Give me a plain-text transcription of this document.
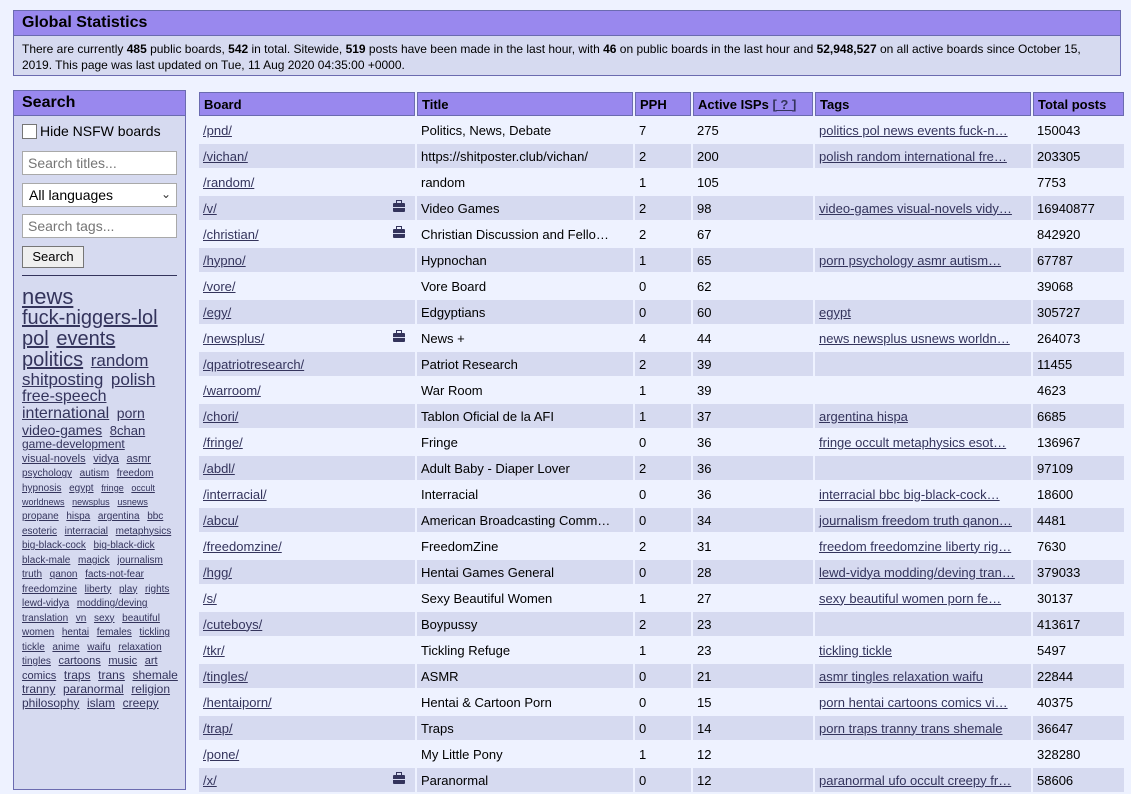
Global Statistics
There are currently 485 public boards, 542 in total. Sitewide, 519 posts have been made in the last hour, with 46 on public boards in the last hour and 52,948,527 on all active boards since October 15, 2019. This page was last updated on Tue, 11 Aug 2020 04:35:00 +0000.
Search
Hide NSFW boards
Search titles...
All languages	⌄
Search tags...
Search
news fuck-niggers-lol pol events politics random shitposting polish free-speech international porn video-games 8chan game-development visual-novels vidya asmr psychology autism freedom hypnosis egypt fringe occult worldnews newsplus usnews propane hispa argentina bbc esoteric interracial metaphysics big-black-cock big-black-dick black-male magick journalism truth qanon facts-not-fear freedomzine liberty play rights lewd-vidya modding/deving translation vn sexy beautiful women hentai females tickling tickle anime waifu relaxation tingles cartoons music art comics traps trans shemale tranny paranormal religion philosophy islam creepy
Board	Title	PPH	Active ISPs [ ? ]	Tags	Total posts
/pnd/	Politics, News, Debate	7	275	politics pol news events fuck-n…	150043
/vichan/	https://shitposter.club/vichan/	2	200	polish random international fre…	203305
/random/	random	1	105		7753
/v/	Video Games	2	98	video-games visual-novels vidy…	16940877
/christian/	Christian Discussion and Fello…	2	67		842920
/hypno/	Hypnochan	1	65	porn psychology asmr autism…	67787
/vore/	Vore Board	0	62		39068
/egy/	Edgyptians	0	60	egypt	305727
/newsplus/	News +	4	44	news newsplus usnews worldn…	264073
/qpatriotresearch/	Patriot Research	2	39		11455
/warroom/	War Room	1	39		4623
/chori/	Tablon Oficial de la AFI	1	37	argentina hispa	6685
/fringe/	Fringe	0	36	fringe occult metaphysics esot…	136967
/abdl/	Adult Baby - Diaper Lover	2	36		97109
/interracial/	Interracial	0	36	interracial bbc big-black-cock…	18600
/abcu/	American Broadcasting Comm…	0	34	journalism freedom truth qanon…	4481
/freedomzine/	FreedomZine	2	31	freedom freedomzine liberty rig…	7630
/hgg/	Hentai Games General	0	28	lewd-vidya modding/deving tran…	379033
/s/	Sexy Beautiful Women	1	27	sexy beautiful women porn fe…	30137
/cuteboys/	Boypussy	2	23		413617
/tkr/	Tickling Refuge	1	23	tickling tickle	5497
/tingles/	ASMR	0	21	asmr tingles relaxation waifu	22844
/hentaiporn/	Hentai & Cartoon Porn	0	15	porn hentai cartoons comics vi…	40375
/trap/	Traps	0	14	porn traps tranny trans shemale	36647
/pone/	My Little Pony	1	12		328280
/x/	Paranormal	0	12	paranormal ufo occult creepy fr…	58606
